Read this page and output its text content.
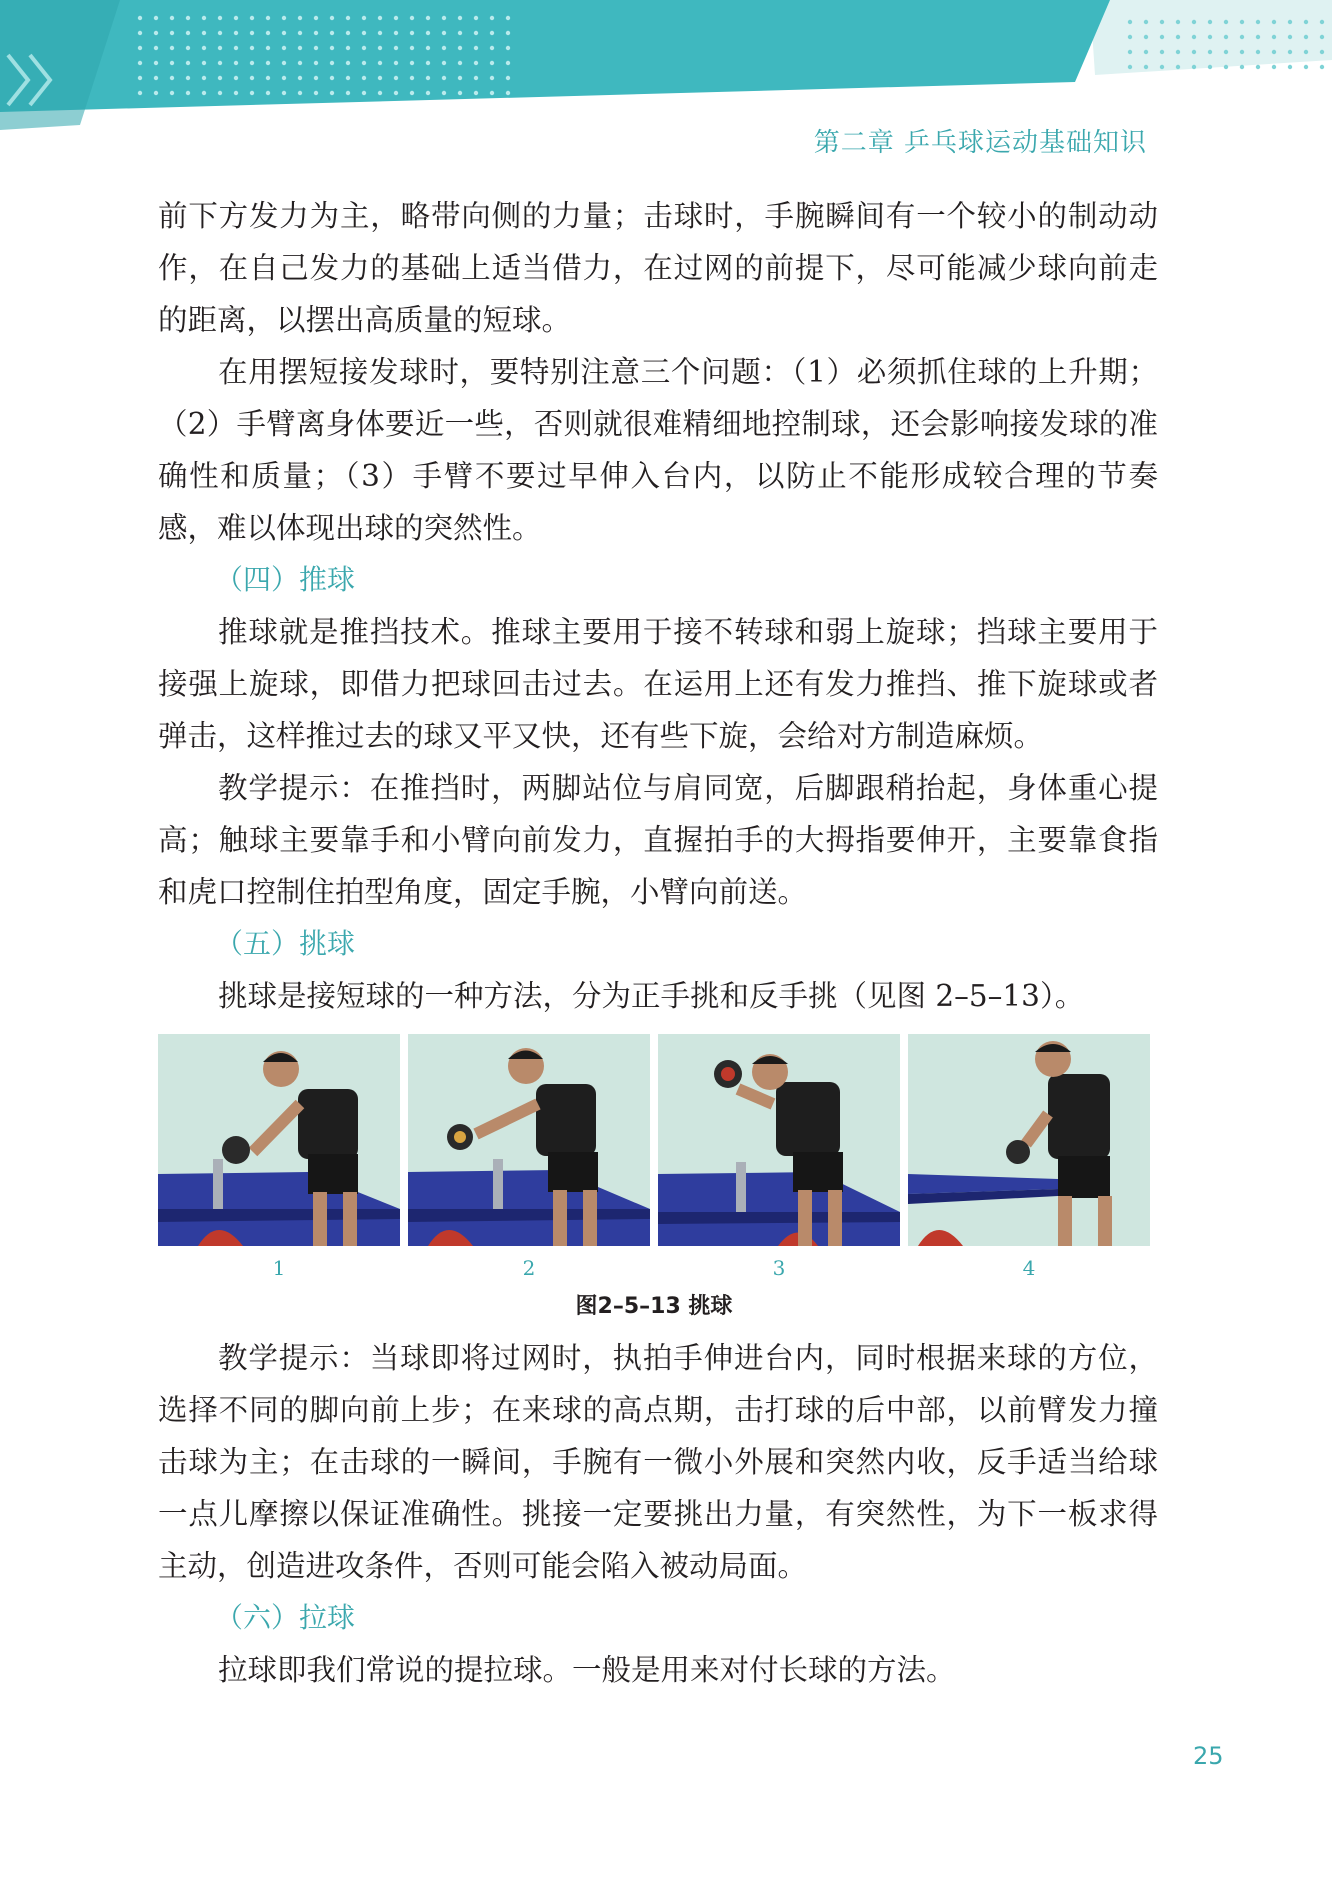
第二章 乒乓球运动基础知识

前下方发力为主，略带向侧的力量；击球时，手腕瞬间有一个较小的制动动作，在自己发力的基础上适当借力，在过网的前提下，尽可能减少球向前走的距离，以摆出高质量的短球。

在用摆短接发球时，要特别注意三个问题：（1）必须抓住球的上升期；（2）手臂离身体要近一些，否则就很难精细地控制球，还会影响接发球的准确性和质量；（3）手臂不要过早伸入台内，以防止不能形成较合理的节奏感，难以体现出球的突然性。

（四）推球

推球就是推挡技术。推球主要用于接不转球和弱上旋球；挡球主要用于接强上旋球，即借力把球回击过去。在运用上还有发力推挡、推下旋球或者弹击，这样推过去的球又平又快，还有些下旋，会给对方制造麻烦。

教学提示：在推挡时，两脚站位与肩同宽，后脚跟稍抬起，身体重心提高；触球主要靠手和小臂向前发力，直握拍手的大拇指要伸开，主要靠食指和虎口控制住拍型角度，固定手腕，小臂向前送。

（五）挑球

挑球是接短球的一种方法，分为正手挑和反手挑（见图 2–5–13）。

1	2	3	4
图2–5–13 挑球

教学提示：当球即将过网时，执拍手伸进台内，同时根据来球的方位，选择不同的脚向前上步；在来球的高点期，击打球的后中部，以前臂发力撞击球为主；在击球的一瞬间，手腕有一微小外展和突然内收，反手适当给球一点儿摩擦以保证准确性。挑接一定要挑出力量，有突然性，为下一板求得主动，创造进攻条件，否则可能会陷入被动局面。

（六）拉球

拉球即我们常说的提拉球。一般是用来对付长球的方法。

25
